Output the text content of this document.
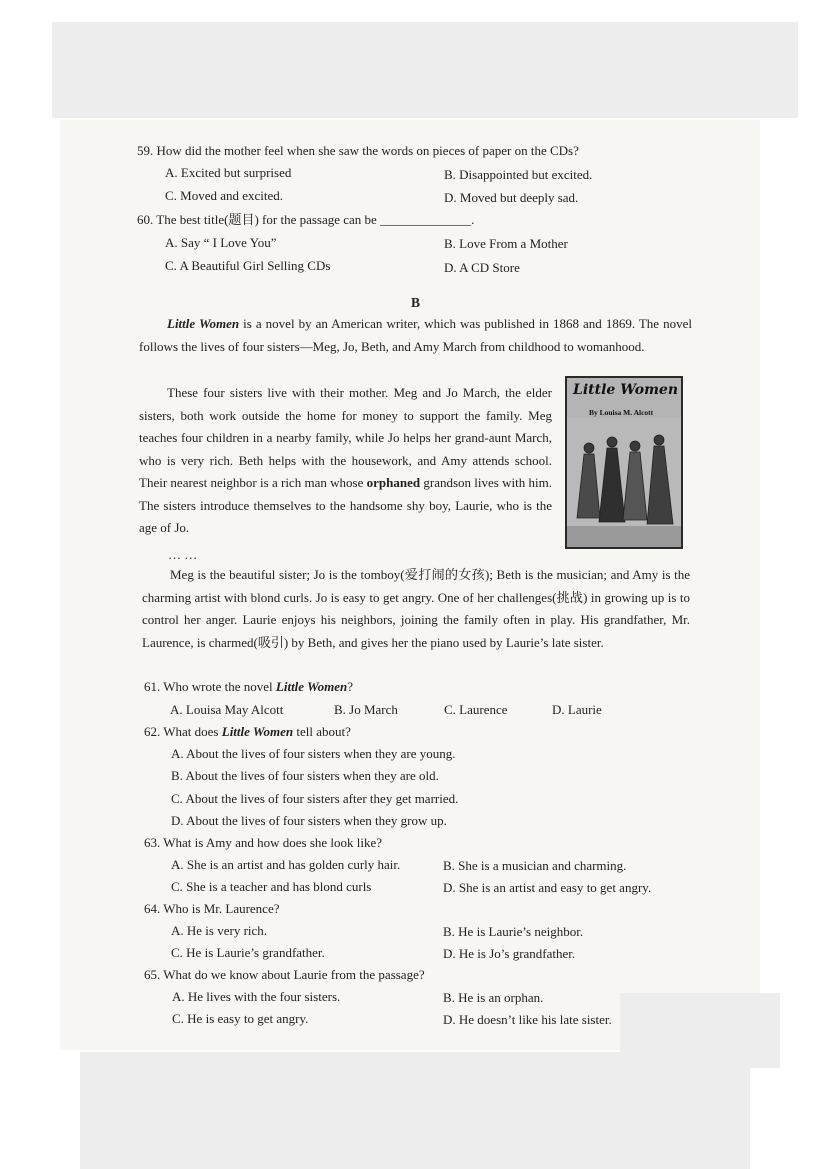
59. How did the mother feel when she saw the words on pieces of paper on the CDs?
A. Excited but surprised	B. Disappointed but excited.
C. Moved and excited.	D. Moved but deeply sad.
60. The best title(题目) for the passage can be ______________.
A. Say “ I Love You”	B. Love From a Mother
C. A Beautiful Girl Selling CDs	D. A CD Store
B
Little Women is a novel by an American writer, which was published in 1868 and 1869. The novel follows the lives of four sisters—Meg, Jo, Beth, and Amy March from childhood to womanhood.
These four sisters live with their mother. Meg and Jo March, the elder sisters, both work outside the home for money to support the family. Meg teaches four children in a nearby family, while Jo helps her grand-aunt March, who is very rich. Beth helps with the housework, and Amy attends school. Their nearest neighbor is a rich man whose orphaned grandson lives with him. The sisters introduce themselves to the handsome shy boy, Laurie, who is the age of Jo.
Little Women
By Louisa M. Alcott
… …
Meg is the beautiful sister; Jo is the tomboy(爱打闹的女孩); Beth is the musician; and Amy is the charming artist with blond curls. Jo is easy to get angry. One of her challenges(挑战) in growing up is to control her anger. Laurie enjoys his neighbors, joining the family often in play. His grandfather, Mr. Laurence, is charmed(吸引) by Beth, and gives her the piano used by Laurie’s late sister.
61. Who wrote the novel Little Women?
A. Louisa May Alcott	B. Jo March	C. Laurence	D. Laurie
62. What does Little Women tell about?
A. About the lives of four sisters when they are young.
B. About the lives of four sisters when they are old.
C. About the lives of four sisters after they get married.
D. About the lives of four sisters when they grow up.
63. What is Amy and how does she look like?
A. She is an artist and has golden curly hair.	B. She is a musician and charming.
C. She is a teacher and has blond curls	D. She is an artist and easy to get angry.
64. Who is Mr. Laurence?
A. He is very rich.	B. He is Laurie’s neighbor.
C. He is Laurie’s grandfather.	D. He is Jo’s grandfather.
65. What do we know about Laurie from the passage?
A. He lives with the four sisters.	B. He is an orphan.
C. He is easy to get angry.	D. He doesn’t like his late sister.
